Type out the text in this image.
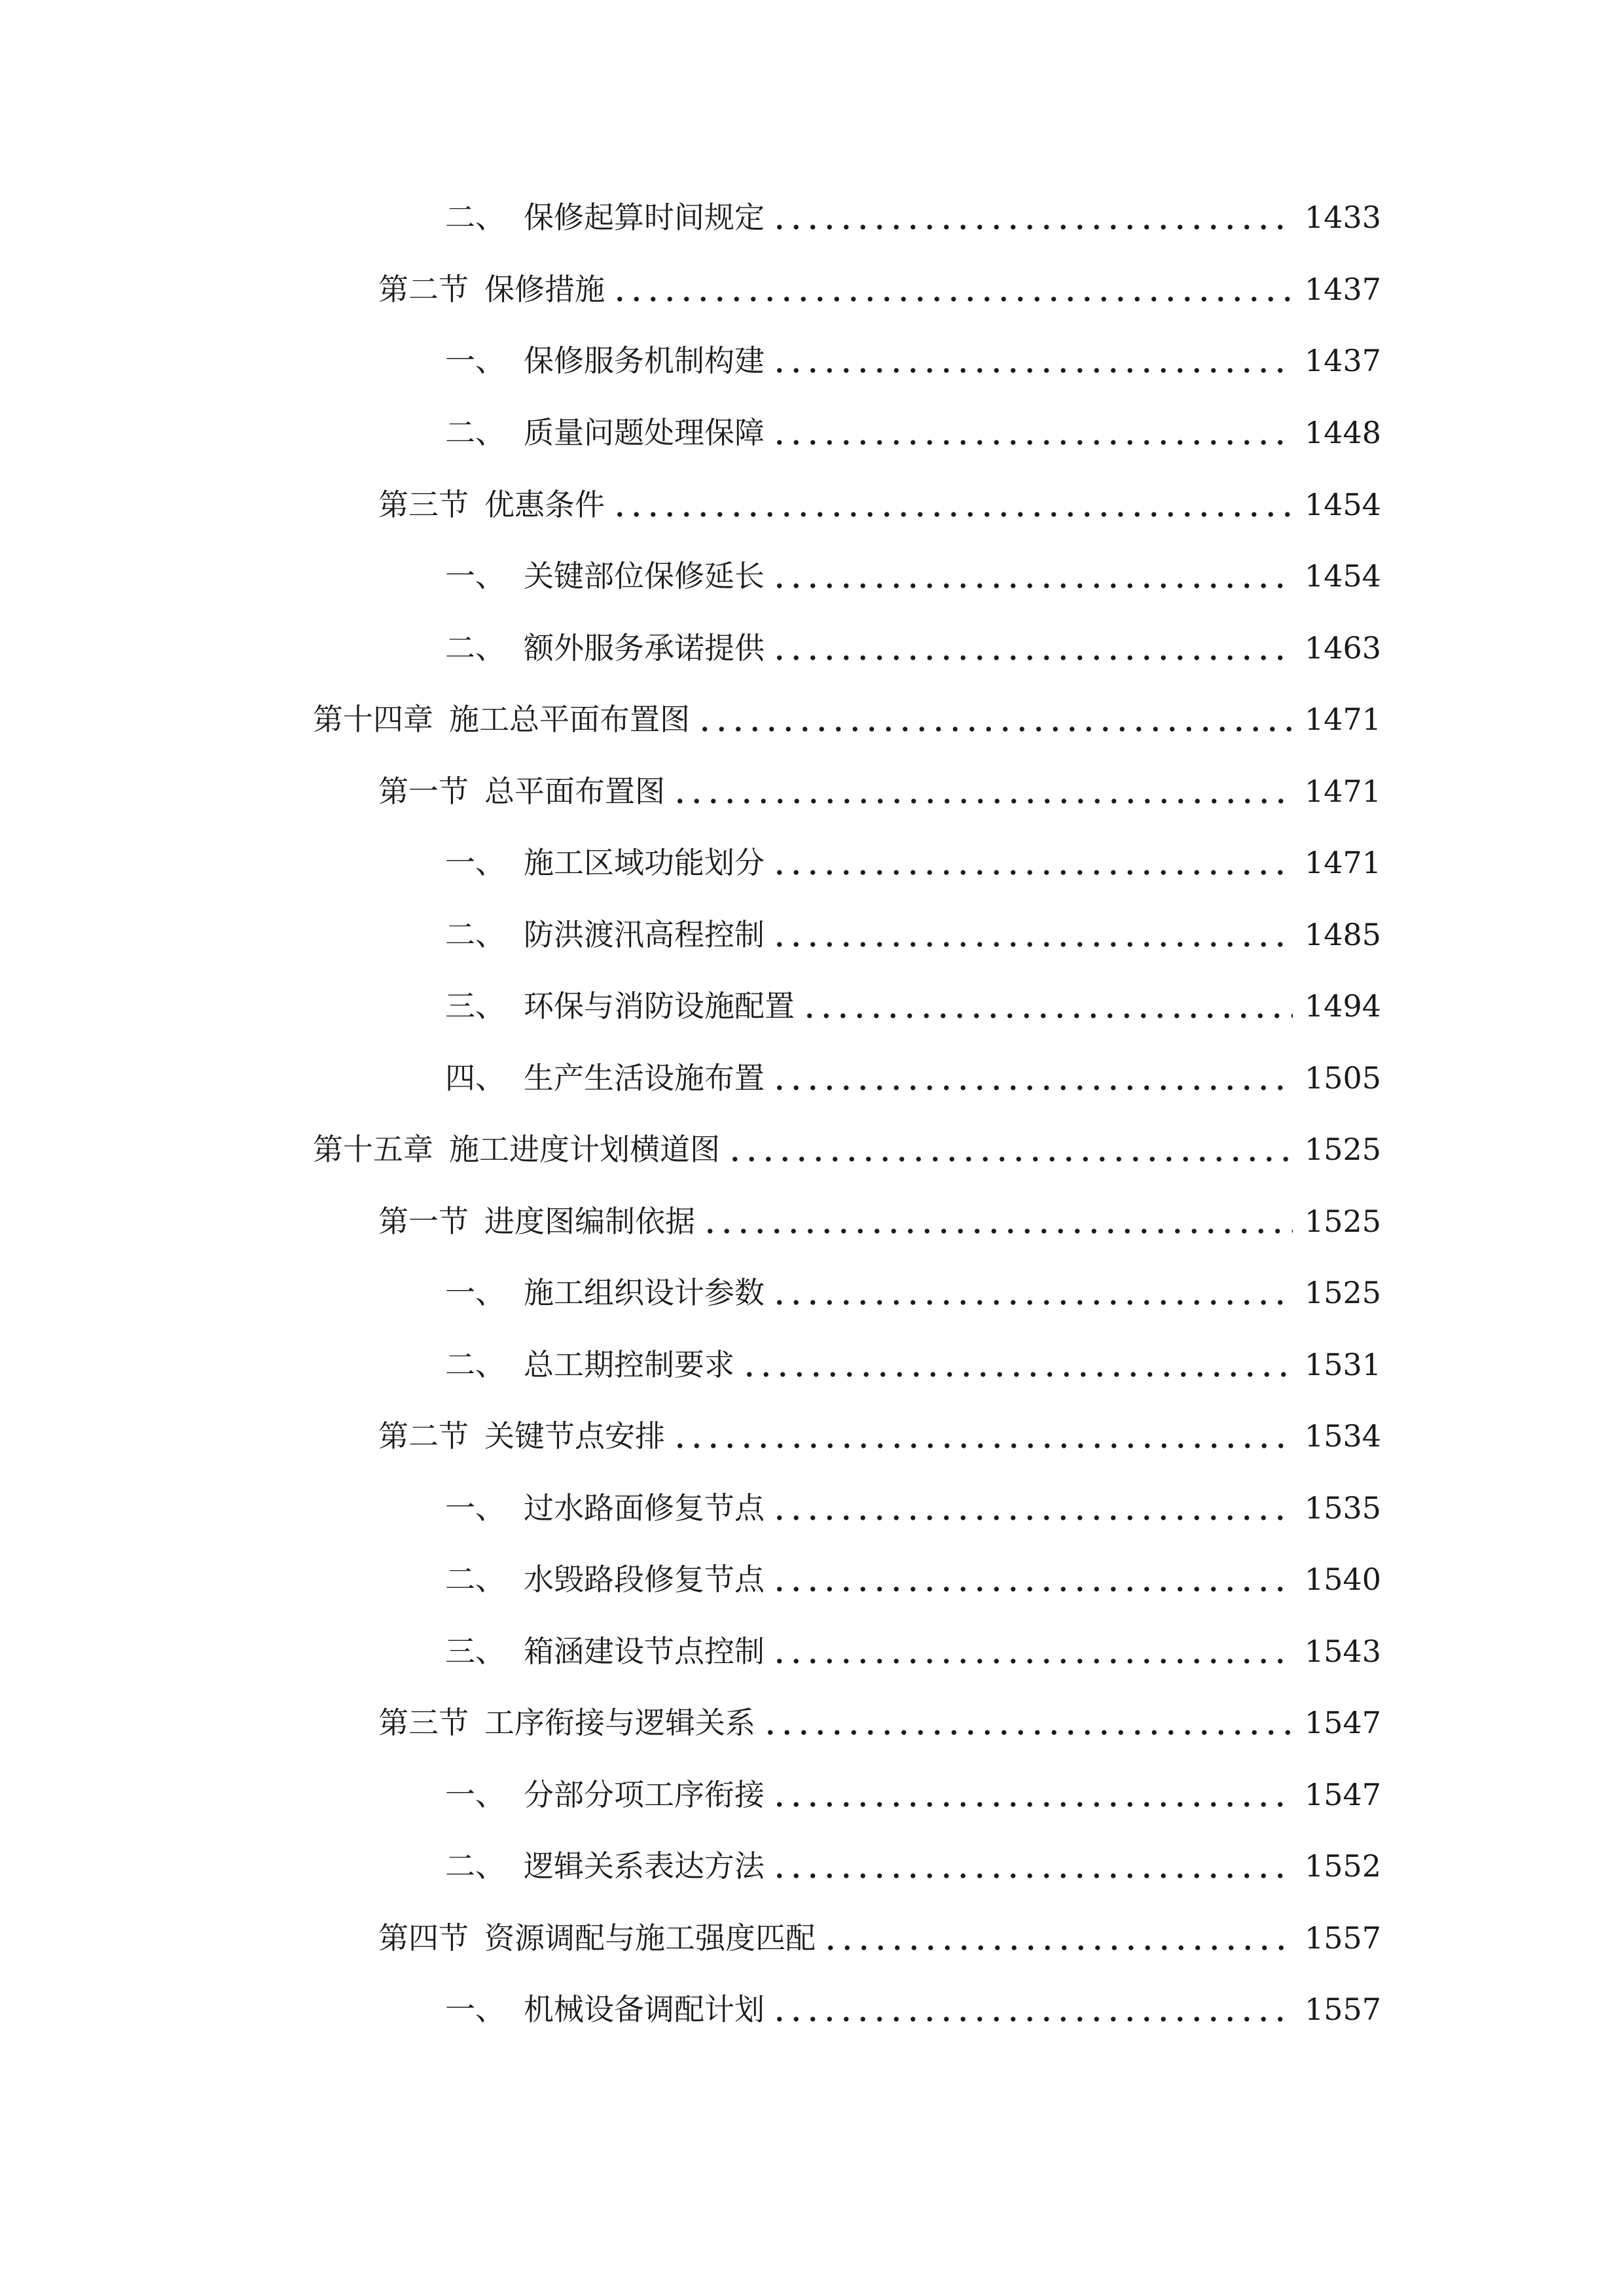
二、 保修起算时间规定	1433
第二节 保修措施	1437
一、 保修服务机制构建	1437
二、 质量问题处理保障	1448
第三节 优惠条件	1454
一、 关键部位保修延长	1454
二、 额外服务承诺提供	1463
第十四章 施工总平面布置图	1471
第一节 总平面布置图	1471
一、 施工区域功能划分	1471
二、 防洪渡汛高程控制	1485
三、 环保与消防设施配置	1494
四、 生产生活设施布置	1505
第十五章 施工进度计划横道图	1525
第一节 进度图编制依据	1525
一、 施工组织设计参数	1525
二、 总工期控制要求	1531
第二节 关键节点安排	1534
一、 过水路面修复节点	1535
二、 水毁路段修复节点	1540
三、 箱涵建设节点控制	1543
第三节 工序衔接与逻辑关系	1547
一、 分部分项工序衔接	1547
二、 逻辑关系表达方法	1552
第四节 资源调配与施工强度匹配	1557
一、 机械设备调配计划	1557
